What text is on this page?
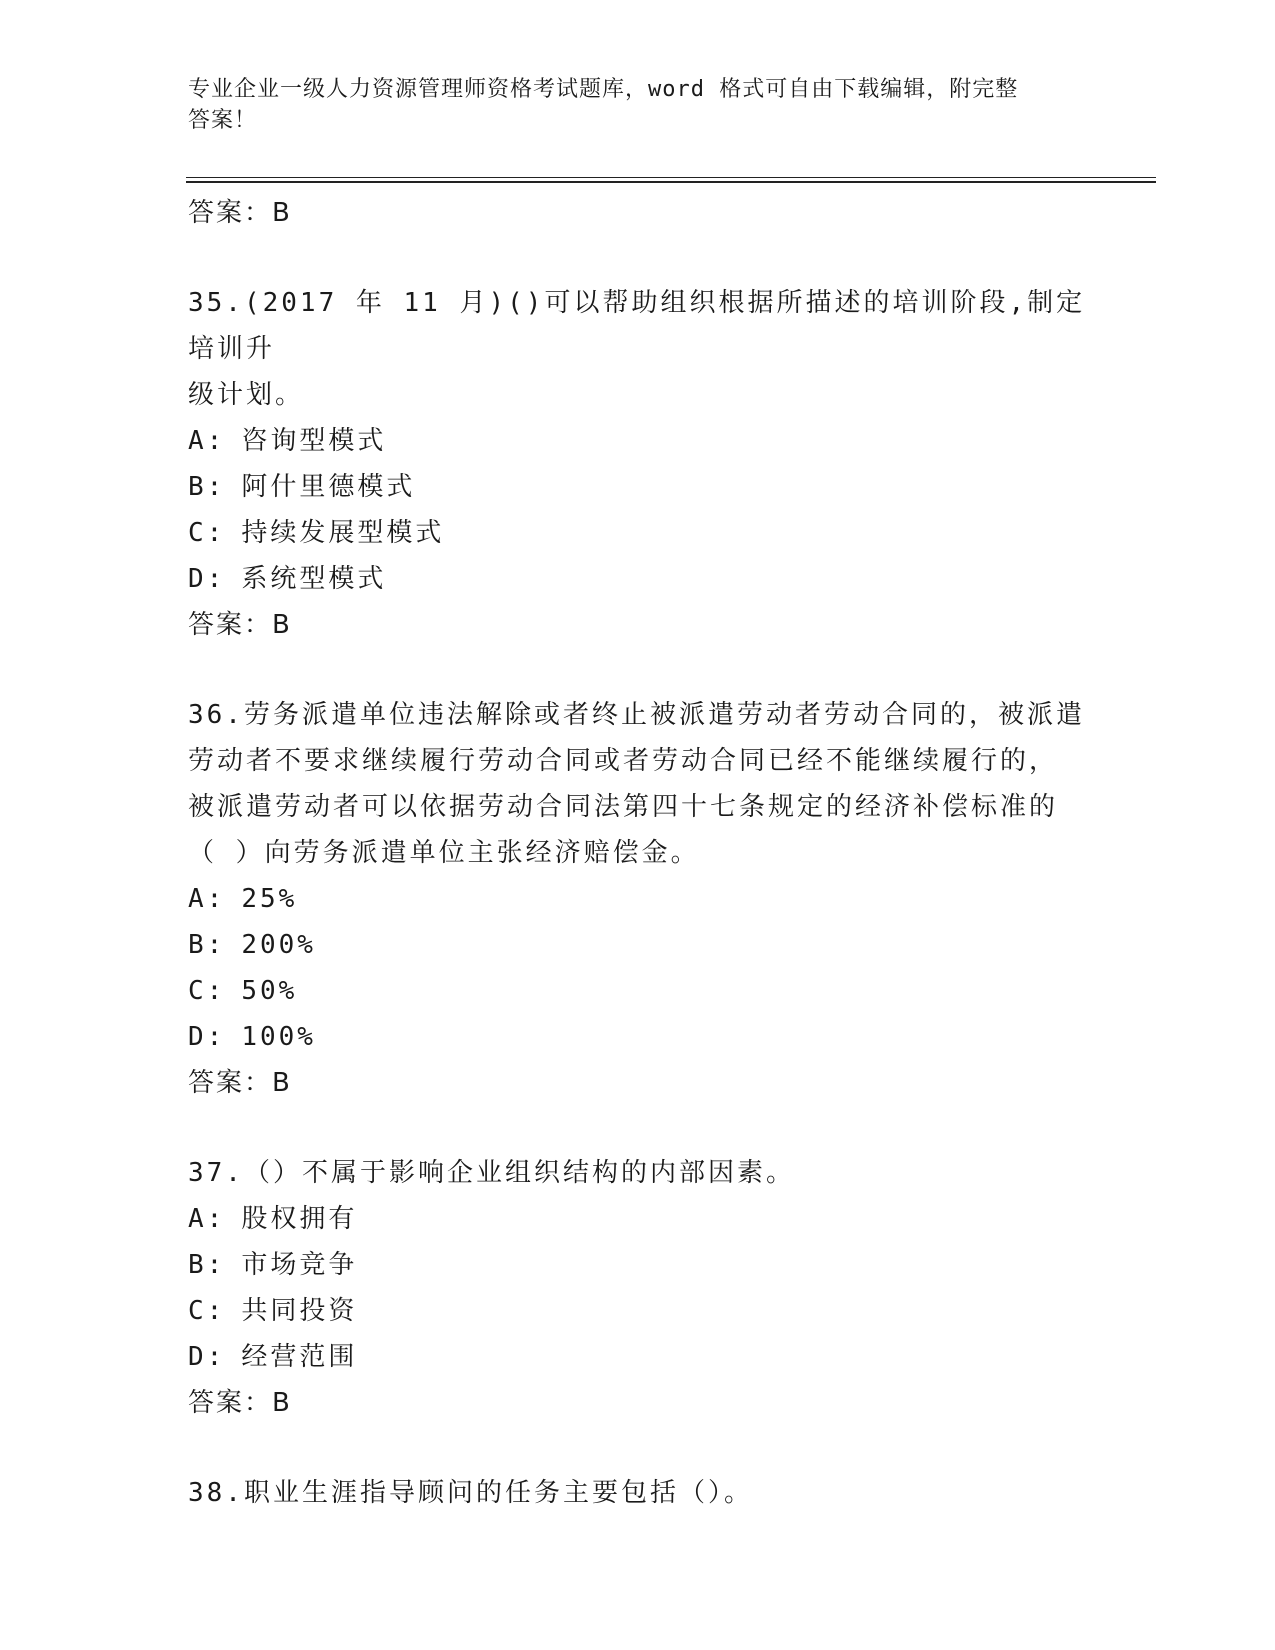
专业企业一级人力资源管理师资格考试题库，word 格式可自由下载编辑，附完整
答案！
答案：B
35.(2017 年 11 月)()可以帮助组织根据所描述的培训阶段,制定培训升
级计划。
A: 咨询型模式
B: 阿什里德模式
C: 持续发展型模式
D: 系统型模式
答案：B
36.劳务派遣单位违法解除或者终止被派遣劳动者劳动合同的，被派遣
劳动者不要求继续履行劳动合同或者劳动合同已经不能继续履行的，
被派遣劳动者可以依据劳动合同法第四十七条规定的经济补偿标准的
（ ）向劳务派遣单位主张经济赔偿金。
A: 25%
B: 200%
C: 50%
D: 100%
答案：B
37.（）不属于影响企业组织结构的内部因素。
A: 股权拥有
B: 市场竞争
C: 共同投资
D: 经营范围
答案：B
38.职业生涯指导顾问的任务主要包括（）。
